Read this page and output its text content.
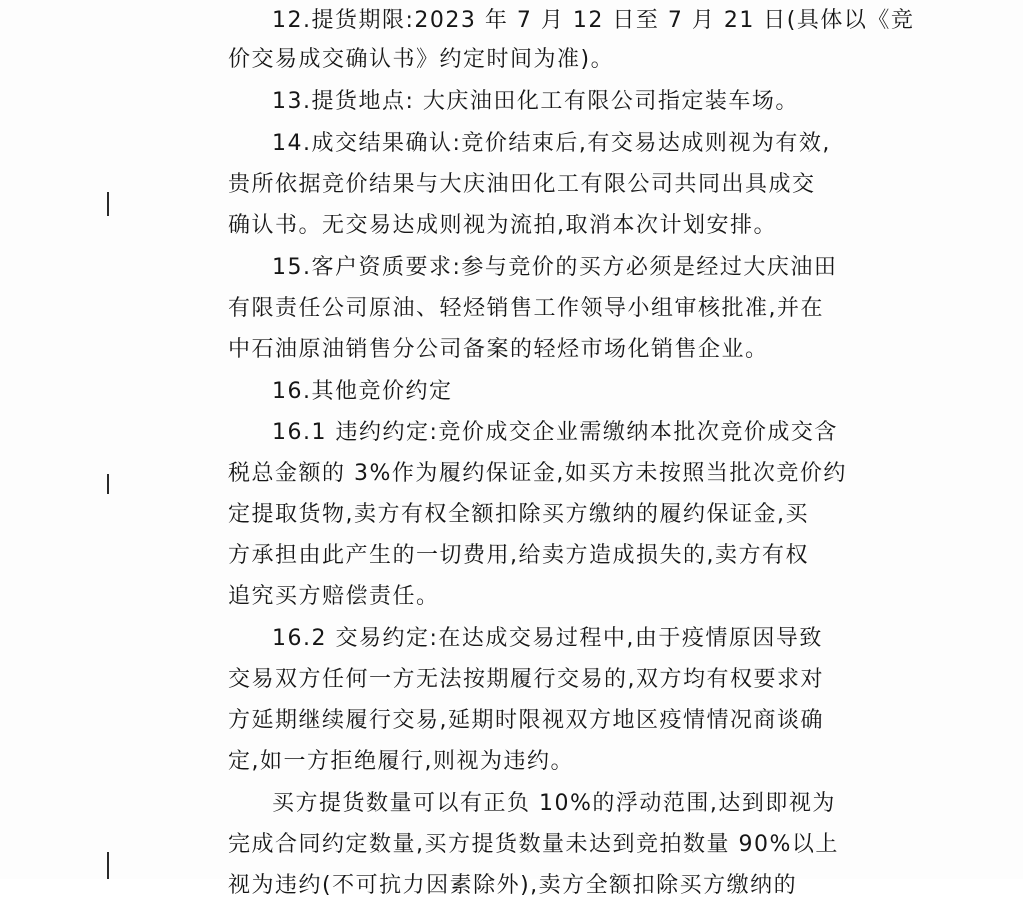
12.提货期限:2023 年 7 月 12 日至 7 月 21 日(具体以《竞
价交易成交确认书》约定时间为准)。
13.提货地点: 大庆油田化工有限公司指定装车场。
14.成交结果确认:竞价结束后,有交易达成则视为有效,
贵所依据竞价结果与大庆油田化工有限公司共同出具成交
确认书。无交易达成则视为流拍,取消本次计划安排。
15.客户资质要求:参与竞价的买方必须是经过大庆油田
有限责任公司原油、轻烃销售工作领导小组审核批准,并在
中石油原油销售分公司备案的轻烃市场化销售企业。
16.其他竞价约定
16.1 违约约定:竞价成交企业需缴纳本批次竞价成交含
税总金额的 3%作为履约保证金,如买方未按照当批次竞价约
定提取货物,卖方有权全额扣除买方缴纳的履约保证金,买
方承担由此产生的一切费用,给卖方造成损失的,卖方有权
追究买方赔偿责任。
16.2 交易约定:在达成交易过程中,由于疫情原因导致
交易双方任何一方无法按期履行交易的,双方均有权要求对
方延期继续履行交易,延期时限视双方地区疫情情况商谈确
定,如一方拒绝履行,则视为违约。
买方提货数量可以有正负 10%的浮动范围,达到即视为
完成合同约定数量,买方提货数量未达到竞拍数量 90%以上
视为违约(不可抗力因素除外),卖方全额扣除买方缴纳的
